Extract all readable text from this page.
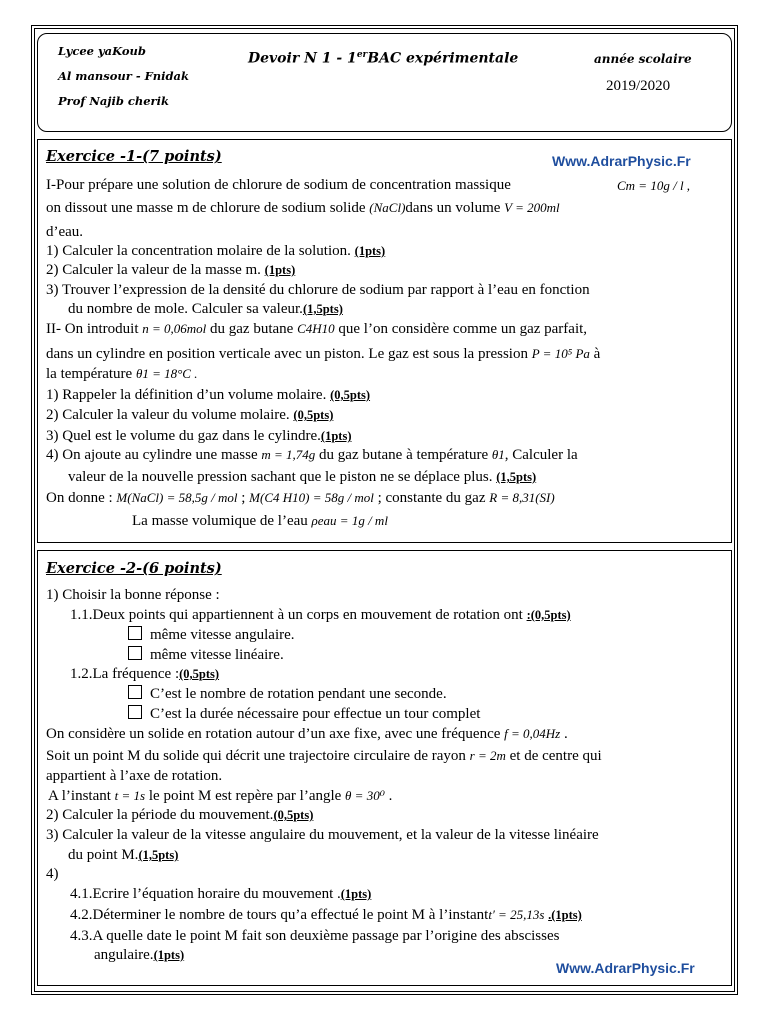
Lycee yaKoub
Al mansour - Fnidak
Prof Najib cherik
Devoir N 1 - 1erBAC expérimentale	année scolaire
2019/2020
Exercice -1-(7 points)	Www.AdrarPhysic.Fr
I-Pour prépare une solution de chlorure de sodium de concentration massique	Cm = 10g / l ,
on dissout une masse m de chlorure de sodium solide (NaCl)dans un volume V = 200ml
d’eau.
1) Calculer la concentration molaire de la solution. (1pts)
2) Calculer la valeur de la masse m. (1pts)
3) Trouver l’expression de la densité du chlorure de sodium par rapport à l’eau en fonction
du nombre de mole. Calculer sa valeur.(1,5pts)
II- On introduit n = 0,06mol du gaz butane C4H10 que l’on considère comme un gaz parfait,
dans un cylindre en position verticale avec un piston. Le gaz est sous la pression P = 10⁵ Pa à
la température θ1 = 18°C .
1) Rappeler la définition d’un volume molaire. (0,5pts)
2) Calculer la valeur du volume molaire. (0,5pts)
3) Quel est le volume du gaz dans le cylindre.(1pts)
4) On ajoute au cylindre une masse m = 1,74g du gaz butane à température θ1, Calculer la
valeur de la nouvelle pression sachant que le piston ne se déplace plus. (1,5pts)
On donne : M(NaCl) = 58,5g / mol ; M(C4 H10) = 58g / mol ; constante du gaz R = 8,31(SI)
La masse volumique de l’eau ρeau = 1g / ml
Exercice -2-(6 points)
1) Choisir la bonne réponse :
1.1.Deux points qui appartiennent à un corps en mouvement de rotation ont :(0,5pts)
même vitesse angulaire.
même vitesse linéaire.
1.2.La fréquence :(0,5pts)
C’est le nombre de rotation pendant une seconde.
C’est la durée nécessaire pour effectue un tour complet
On considère un solide en rotation autour d’un axe fixe, avec une fréquence f = 0,04Hz .
Soit un point M du solide qui décrit une trajectoire circulaire de rayon r = 2m et de centre qui
appartient à l’axe de rotation.
A l’instant t = 1s le point M est repère par l’angle θ = 30⁰ .
2) Calculer la période du mouvement.(0,5pts)
3) Calculer la valeur de la vitesse angulaire du mouvement, et la valeur de la vitesse linéaire
du point M.(1,5pts)
4)
4.1.Ecrire l’équation horaire du mouvement .(1pts)
4.2.Déterminer le nombre de tours qu’a effectué le point M à l’instantt′ = 25,13s .(1pts)
4.3.A quelle date le point M fait son deuxième passage par l’origine des abscisses
angulaire.(1pts)
Www.AdrarPhysic.Fr
